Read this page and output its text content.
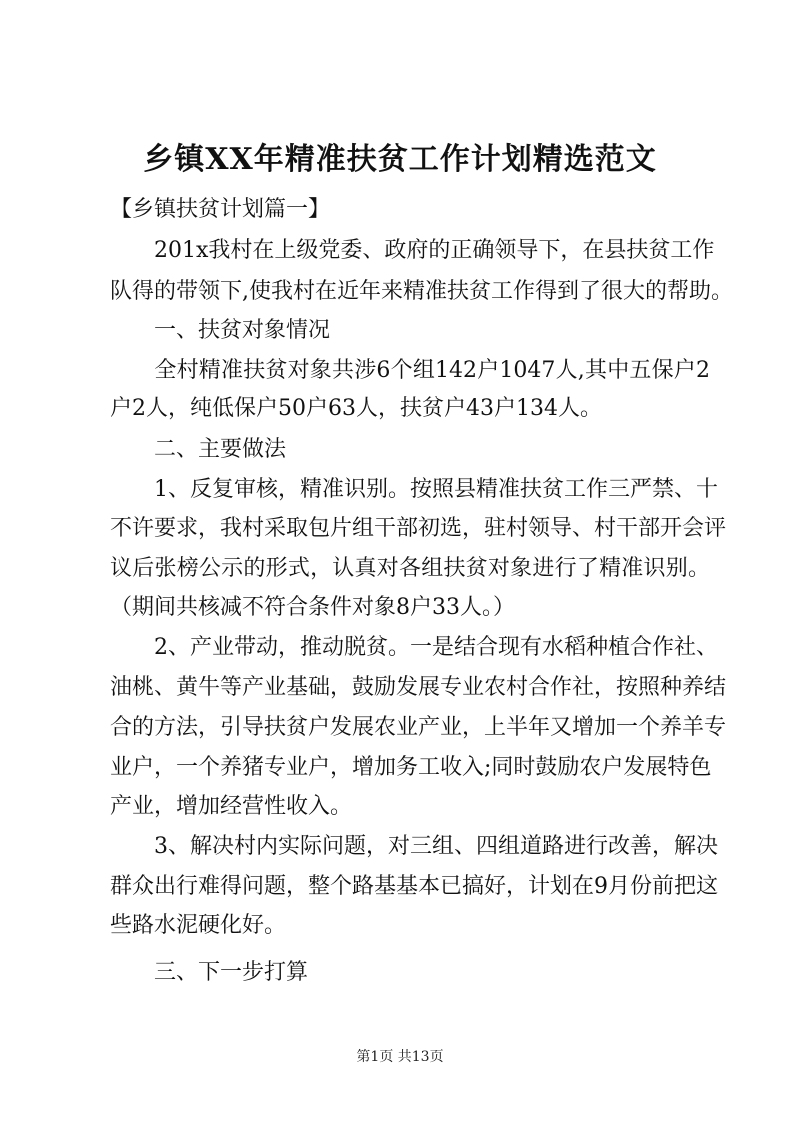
乡镇XX年精准扶贫工作计划精选范文

【乡镇扶贫计划篇一】

　　201x我村在上级党委、政府的正确领导下，在县扶贫工作

队得的带领下,使我村在近年来精准扶贫工作得到了很大的帮助。

　　一、扶贫对象情况

　　全村精准扶贫对象共涉6个组142户1047人,其中五保户2

户2人，纯低保户50户63人，扶贫户43户134人。

　　二、主要做法

　　1、反复审核，精准识别。按照县精准扶贫工作三严禁、十

不许要求，我村采取包片组干部初选，驻村领导、村干部开会评

议后张榜公示的形式，认真对各组扶贫对象进行了精准识别。

（期间共核减不符合条件对象8户33人。）

　　2、产业带动，推动脱贫。一是结合现有水稻种植合作社、

油桃、黄牛等产业基础，鼓励发展专业农村合作社，按照种养结

合的方法，引导扶贫户发展农业产业，上半年又增加一个养羊专

业户，一个养猪专业户，增加务工收入;同时鼓励农户发展特色

产业，增加经营性收入。

　　3、解决村内实际问题，对三组、四组道路进行改善，解决

群众出行难得问题，整个路基基本已搞好，计划在9月份前把这

些路水泥硬化好。

　　三、下一步打算

第1页 共13页
